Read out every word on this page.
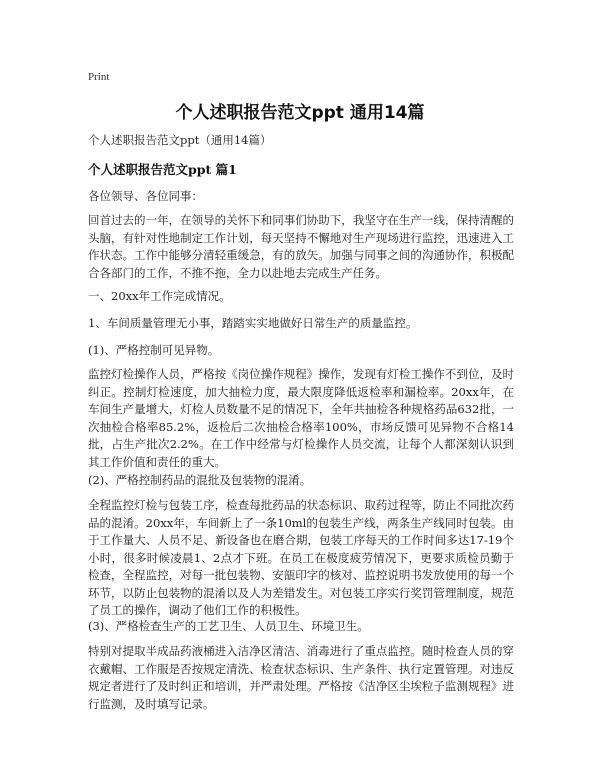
Print
个人述职报告范文ppt 通用14篇
个人述职报告范文ppt（通用14篇）
个人述职报告范文ppt 篇1

各位领导、各位同事：

回首过去的一年，在领导的关怀下和同事们协助下，我坚守在生产一线，保持清醒的头脑，有针对性地制定工作计划，每天坚持不懈地对生产现场进行监控，迅速进入工作状态。工作中能够分清轻重缓急，有的放矢。加强与同事之间的沟通协作，积极配合各部门的工作，不推不拖，全力以赴地去完成生产任务。

一、20xx年工作完成情况。

1、车间质量管理无小事，踏踏实实地做好日常生产的质量监控。

(1)、严格控制可见异物。

监控灯检操作人员，严格按《岗位操作规程》操作，发现有灯检工操作不到位，及时纠正。控制灯检速度，加大抽检力度，最大限度降低返检率和漏检率。20xx年，在车间生产量增大，灯检人员数量不足的情况下，全年共抽检各种规格药品632批，一次抽检合格率85.2%，返检后二次抽检合格率100%，市场反馈可见异物不合格14批，占生产批次2.2%。在工作中经常与灯检操作人员交流，让每个人都深刻认识到其工作价值和责任的重大。

(2)、严格控制药品的混批及包装物的混淆。

全程监控灯检与包装工序，检查每批药品的状态标识、取药过程等，防止不同批次药品的混淆。20xx年，车间新上了一条10ml的包装生产线，两条生产线同时包装。由于工作量大、人员不足、新设备也在磨合期，包装工序每天的工作时间多达17-19个小时，很多时候凌晨1、2点才下班。在员工在极度疲劳情况下，更要求质检员勤于检查，全程监控，对每一批包装物、安瓿印字的核对、监控说明书发放使用的每一个环节，以防止包装物的混淆以及人为差错发生。对包装工序实行奖罚管理制度，规范了员工的操作，调动了他们工作的积极性。

(3)、严格检查生产的工艺卫生、人员卫生、环境卫生。

特别对提取半成品药液桶进入洁净区清洁、消毒进行了重点监控。随时检查人员的穿衣戴帽、工作服是否按规定清洗、检查状态标识、生产条件、执行定置管理。对违反规定者进行了及时纠正和培训，并严肃处理。严格按《洁净区尘埃粒子监测规程》进行监测，及时填写记录。
